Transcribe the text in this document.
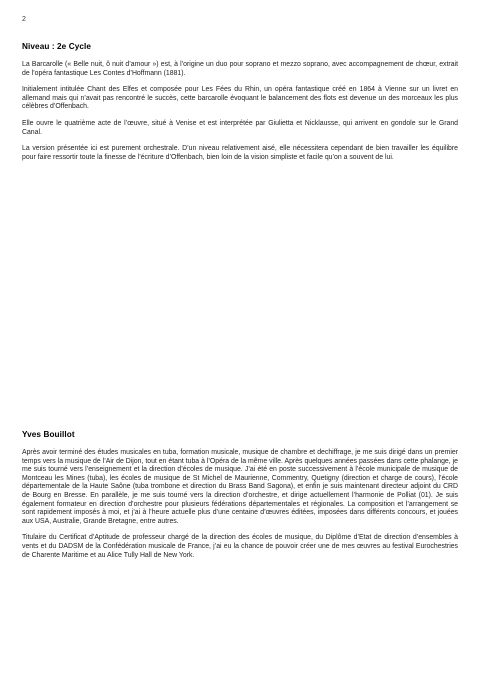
2
Niveau : 2e Cycle

La Barcarolle (« Belle nuit, ô nuit d’amour ») est, à l’origine un duo pour soprano et mezzo soprano, avec accompagnement de chœur, extrait de l’opéra fantastique Les Contes d’Hoffmann (1881).

Initialement intitulée Chant des Elfes et composée pour Les Fées du Rhin, un opéra fantastique créé en 1864 à Vienne sur un livret en allemand mais qui n’avait pas rencontré le succès, cette barcarolle évoquant le balancement des flots est devenue un des morceaux les plus célèbres d’Offenbach.

Elle ouvre le quatrième acte de l’œuvre, situé à Venise et est interprétée par Giulietta et Nicklausse, qui arrivent en gondole sur le Grand Canal.

La version présentée ici est purement orchestrale. D’un niveau relativement aisé, elle nécessitera cependant de bien travailler les équilibre pour faire ressortir toute la finesse de l’écriture d’Offenbach, bien loin de la vision simpliste et facile qu’on a souvent de lui.

Yves Bouillot

Après avoir terminé des études musicales en tuba, formation musicale, musique de chambre et dechiffrage, je me suis dirigé dans un premier temps vers la musique de l’Air de Dijon, tout en étant tuba à l’Opéra de la même ville. Après quelques années passées dans cette phalange, je me suis tourné vers l’enseignement et la direction d’écoles de musique. J’ai été en poste successivement à l’école municipale de musique de Montceau les Mines (tuba), les écoles de musique de St Michel de Maurienne, Commentry, Quetigny (direction et charge de cours), l’école départementale de la Haute Saône (tuba trombone et direction du Brass Band Sagona), et enfin je suis maintenant directeur adjoint du CRD de Bourg en Bresse. En parallèle, je me suis tourné vers la direction d’orchestre, et dirige actuellement l’harmonie de Polliat (01). Je suis également formateur en direction d’orchestre pour plusieurs fédérations départementales et régionales. La composition et l’arrangement se sont rapidement imposés à moi, et j’ai à l’heure actuelle plus d’une centaine d’œuvres éditées, imposées dans différents concours, et jouées aux USA, Australie, Grande Bretagne, entre autres.

Titulaire du Certificat d’Aptitude de professeur chargé de la direction des écoles de musique, du Diplôme d’Etat de direction d’ensembles à vents et du DADSM de la Confédération musicale de France, j’ai eu la chance de pouvoir créer une de mes œuvres au festival Eurochestries de Charente Maritime et au Alice Tully Hall de New York.
